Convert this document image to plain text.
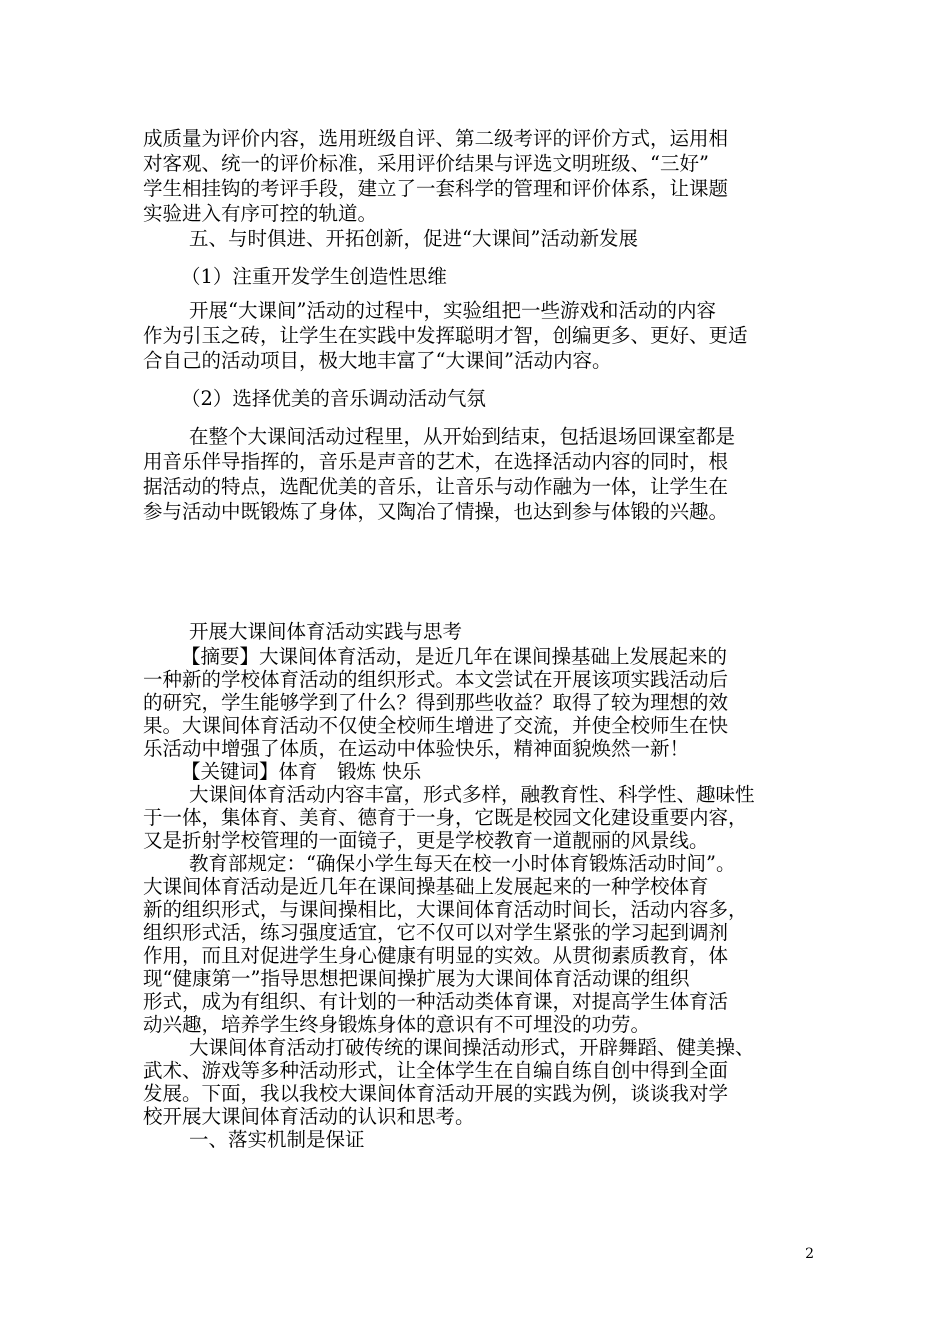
成质量为评价内容，选用班级自评、第二级考评的评价方式，运用相
对客观、统一的评价标准，采用评价结果与评选文明班级、“三好”
学生相挂钩的考评手段，建立了一套科学的管理和评价体系，让课题
实验进入有序可控的轨道。
五、与时俱进、开拓创新，促进“大课间”活动新发展
（1）注重开发学生创造性思维
开展“大课间”活动的过程中，实验组把一些游戏和活动的内容
作为引玉之砖，让学生在实践中发挥聪明才智，创编更多、更好、更适
合自己的活动项目，极大地丰富了“大课间”活动内容。
（2）选择优美的音乐调动活动气氛
在整个大课间活动过程里，从开始到结束，包括退场回课室都是
用音乐伴导指挥的，音乐是声音的艺术，在选择活动内容的同时，根
据活动的特点，选配优美的音乐，让音乐与动作融为一体，让学生在
参与活动中既锻炼了身体，又陶冶了情操，也达到参与体锻的兴趣。
开展大课间体育活动实践与思考
【摘要】大课间体育活动，是近几年在课间操基础上发展起来的
一种新的学校体育活动的组织形式。本文尝试在开展该项实践活动后
的研究，学生能够学到了什么？得到那些收益？取得了较为理想的效
果。大课间体育活动不仅使全校师生增进了交流，并使全校师生在快
乐活动中增强了体质，在运动中体验快乐，精神面貌焕然一新！
【关键词】体育　锻炼 快乐
大课间体育活动内容丰富，形式多样，融教育性、科学性、趣味性
于一体，集体育、美育、德育于一身，它既是校园文化建设重要内容，
又是折射学校管理的一面镜子，更是学校教育一道靓丽的风景线。
教育部规定：“确保小学生每天在校一小时体育锻炼活动时间”。
大课间体育活动是近几年在课间操基础上发展起来的一种学校体育
新的组织形式，与课间操相比，大课间体育活动时间长，活动内容多，
组织形式活，练习强度适宜，它不仅可以对学生紧张的学习起到调剂
作用，而且对促进学生身心健康有明显的实效。从贯彻素质教育，体
现“健康第一”指导思想把课间操扩展为大课间体育活动课的组织
形式，成为有组织、有计划的一种活动类体育课，对提高学生体育活
动兴趣，培养学生终身锻炼身体的意识有不可埋没的功劳。
大课间体育活动打破传统的课间操活动形式，开辟舞蹈、健美操、
武术、游戏等多种活动形式，让全体学生在自编自练自创中得到全面
发展。下面，我以我校大课间体育活动开展的实践为例，谈谈我对学
校开展大课间体育活动的认识和思考。
一、落实机制是保证
2
